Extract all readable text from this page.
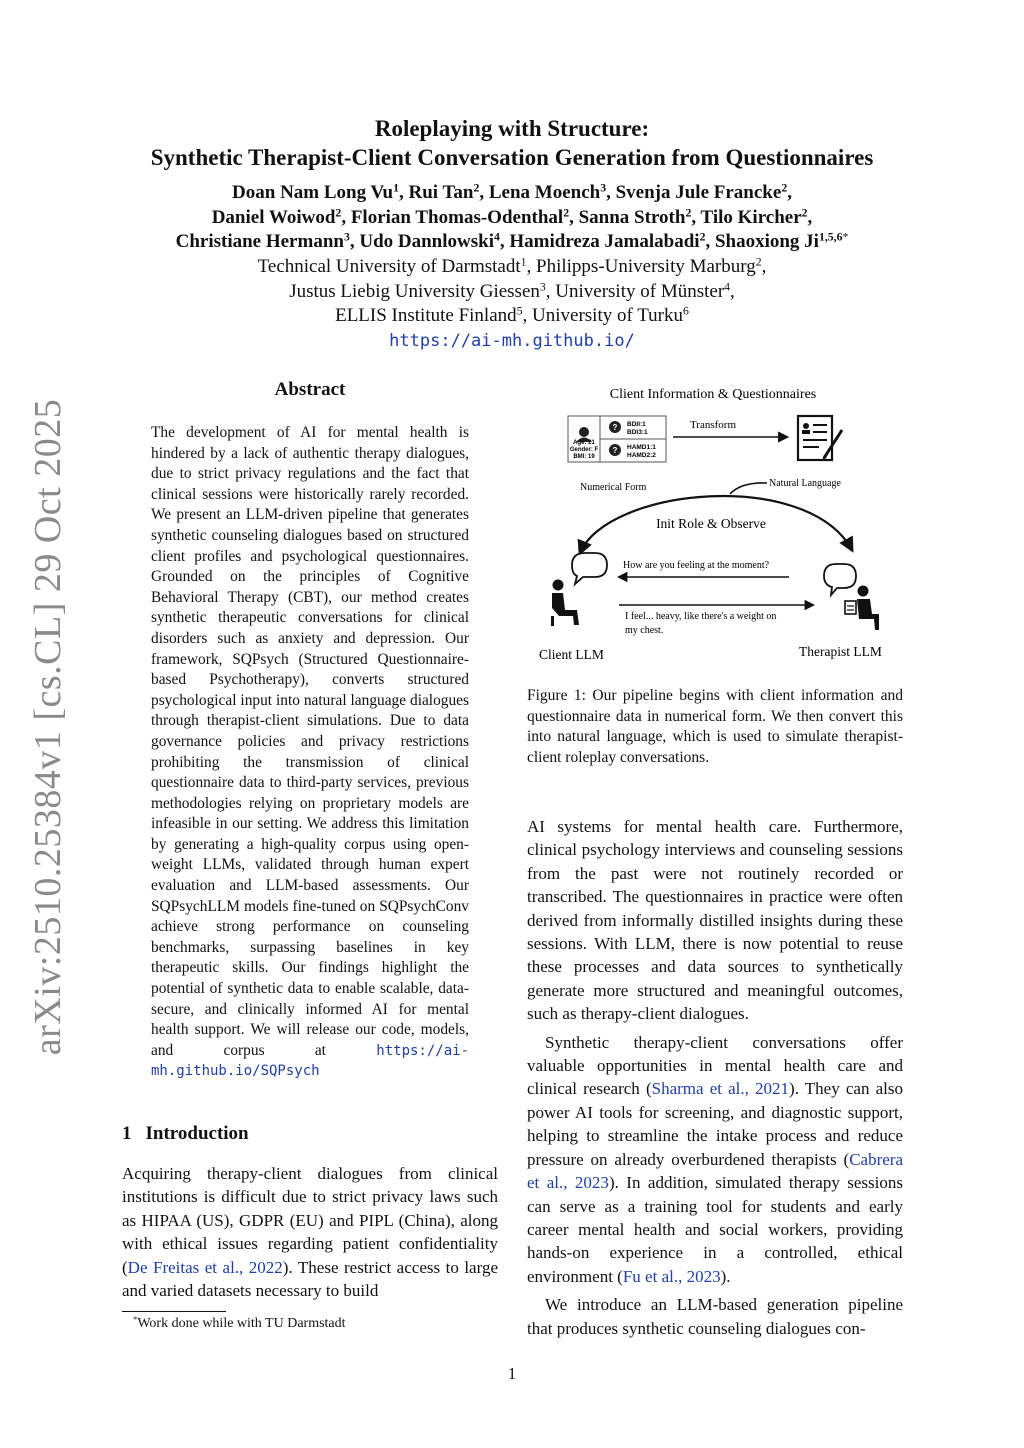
arXiv:2510.25384v1 [cs.CL] 29 Oct 2025
Roleplaying with Structure:
Synthetic Therapist-Client Conversation Generation from Questionnaires
Doan Nam Long Vu$^1$, Rui Tan$^2$, Lena Moench$^3$, Svenja Jule Francke$^2$,
Daniel Woiwod$^2$, Florian Thomas-Odenthal$^2$, Sanna Stroth$^2$, Tilo Kircher$^2$,
Christiane Hermann$^3$, Udo Dannlowski$^4$, Hamidreza Jamalabadi$^2$, Shaoxiong $Ji^{1,5,6*}$
Technical University of Darmstadt$^1$, Philipps-University Marburg$^2$,
Justus Liebig University Giessen$^3$, University of Münster$^4$,
ELLIS Institute Finland$^5$, University of Turku$^6$
https://ai-mh.github.io/
Abstract
The development of AI for mental health is hindered by a lack of authentic therapy dialogues, due to strict privacy regulations and the fact that clinical sessions were historically rarely recorded. We present an LLM-driven pipeline that generates synthetic counseling dialogues based on structured client profiles and psychological questionnaires. Grounded on the principles of Cognitive Behavioral Therapy (CBT), our method creates synthetic therapeutic conversations for clinical disorders such as anxiety and depression. Our framework, SQPsych (Structured Questionnaire-based Psychotherapy), converts structured psychological input into natural language dialogues through therapist-client simulations. Due to data governance policies and privacy restrictions prohibiting the transmission of clinical questionnaire data to third-party services, previous methodologies relying on proprietary models are infeasible in our setting. We address this limitation by generating a high-quality corpus using open-weight LLMs, validated through human expert evaluation and LLM-based assessments. Our SQPsychLLM models fine-tuned on SQPsychConv achieve strong performance on counseling benchmarks, surpassing baselines in key therapeutic skills. Our findings highlight the potential of synthetic data to enable scalable, data-secure, and clinically informed AI for mental health support. We will release our code, models, and corpus at	https://ai-mh.github.io/SQPsych
1 Introduction
Acquiring therapy-client dialogues from clinical institutions is difficult due to strict privacy laws such as HIPAA (US), GDPR (EU) and PIPL (China), along with ethical issues regarding patient confidentiality (De Freitas et al., 2022). These restrict access to large and varied datasets necessary to build
*Work done while with TU Darmstadt
Client Information & Questionnaires
Age: 21
Gender: F
BMI: 19
? BDII:1
BDI3:1
? HAMD1:1
HAMD2:2
Transform
Numerical Form	Natural Language
Init Role & Observe
How are you feeling at the moment?
I feel... heavy, like there's a weight on
my chest.
Client LLM	Therapist LLM
Figure 1: Our pipeline begins with client information and questionnaire data in numerical form. We then convert this into natural language, which is used to simulate therapist-client roleplay conversations.

AI systems for mental health care. Furthermore, clinical psychology interviews and counseling sessions from the past were not routinely recorded or transcribed. The questionnaires in practice were often derived from informally distilled insights during these sessions. With LLM, there is now potential to reuse these processes and data sources to synthetically generate more structured and meaningful outcomes, such as therapy-client dialogues.

Synthetic therapy-client conversations offer valuable opportunities in mental health care and clinical research (Sharma et al., 2021). They can also power AI tools for screening, and diagnostic support, helping to streamline the intake process and reduce pressure on already overburdened therapists (Cabrera et al., 2023). In addition, simulated therapy sessions can serve as a training tool for students and early career mental health and social workers, providing hands-on experience in a controlled, ethical environment (Fu et al., 2023).

We introduce an LLM-based generation pipeline that produces synthetic counseling dialogues con-

1
